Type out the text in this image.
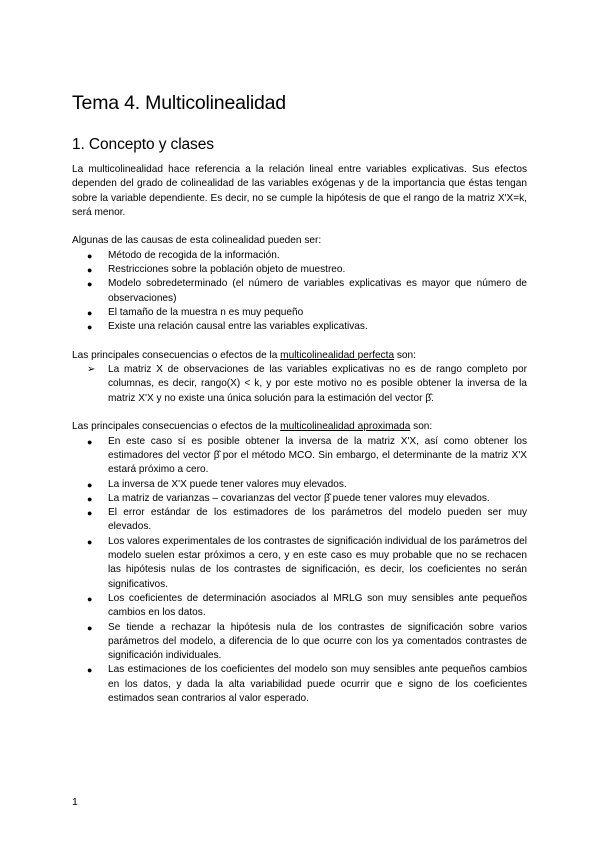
Tema 4. Multicolinealidad
1. Concepto y clases

La multicolinealidad hace referencia a la relación lineal entre variables explicativas. Sus efectos dependen del grado de colinealidad de las variables exógenas y de la importancia que éstas tengan sobre la variable dependiente. Es decir, no se cumple la hipótesis de que el rango de la matriz X'X=k, será menor.

Algunas de las causas de esta colinealidad pueden ser:

● Método de recogida de la información.
● Restricciones sobre la población objeto de muestreo.
● Modelo sobredeterminado (el número de variables explicativas es mayor que número de observaciones)
● El tamaño de la muestra n es muy pequeño
● Existe una relación causal entre las variables explicativas.

Las principales consecuencias o efectos de la multicolinealidad perfecta son:

➢ La matriz X de observaciones de las variables explicativas no es de rango completo por columnas, es decir, rango(X) < k, y por este motivo no es posible obtener la inversa de la matriz X'X y no existe una única solución para la estimación del vector β̂.

Las principales consecuencias o efectos de la multicolinealidad aproximada son:

● En este caso sí es posible obtener la inversa de la matriz X'X, así como obtener los estimadores del vector β̂ por el método MCO. Sin embargo, el determinante de la matriz X'X estará próximo a cero.
● La inversa de X'X puede tener valores muy elevados.
● La matriz de varianzas – covarianzas del vector β̂ puede tener valores muy elevados.
● El error estándar de los estimadores de los parámetros del modelo pueden ser muy elevados.
● Los valores experimentales de los contrastes de significación individual de los parámetros del modelo suelen estar próximos a cero, y en este caso es muy probable que no se rechacen las hipótesis nulas de los contrastes de significación, es decir, los coeficientes no serán significativos.
● Los coeficientes de determinación asociados al MRLG son muy sensibles ante pequeños cambios en los datos.
● Se tiende a rechazar la hipótesis nula de los contrastes de significación sobre varios parámetros del modelo, a diferencia de lo que ocurre con los ya comentados contrastes de significación individuales.
● Las estimaciones de los coeficientes del modelo son muy sensibles ante pequeños cambios en los datos, y dada la alta variabilidad puede ocurrir que e signo de los coeficientes estimados sean contrarios al valor esperado.
1
